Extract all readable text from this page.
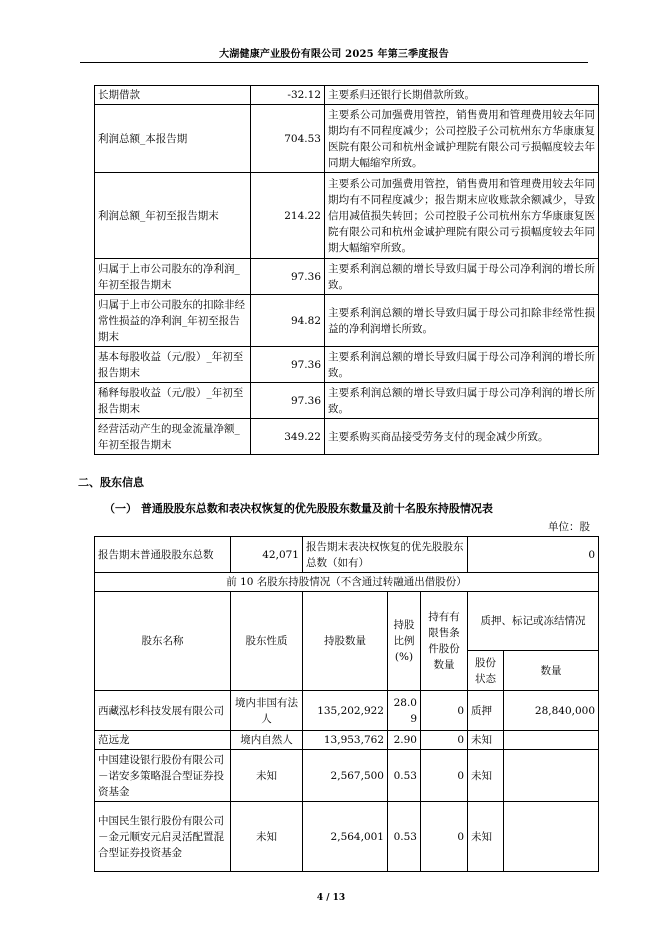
大湖健康产业股份有限公司 2025 年第三季度报告
长期借款	-32.12	主要系归还银行长期借款所致。
利润总额_本报告期	704.53	主要系公司加强费用管控，销售费用和管理费用较去年同期均有不同程度减少；公司控股子公司杭州东方华康康复医院有限公司和杭州金诚护理院有限公司亏损幅度较去年同期大幅缩窄所致。
利润总额_年初至报告期末	214.22	主要系公司加强费用管控，销售费用和管理费用较去年同期均有不同程度减少；报告期末应收账款余额减少，导致信用减值损失转回；公司控股子公司杭州东方华康康复医院有限公司和杭州金诚护理院有限公司亏损幅度较去年同期大幅缩窄所致。
归属于上市公司股东的净利润_年初至报告期末	97.36	主要系利润总额的增长导致归属于母公司净利润的增长所致。
归属于上市公司股东的扣除非经常性损益的净利润_年初至报告期末	94.82	主要系利润总额的增长导致归属于母公司扣除非经常性损益的净利润增长所致。
基本每股收益（元/股）_年初至报告期末	97.36	主要系利润总额的增长导致归属于母公司净利润的增长所致。
稀释每股收益（元/股）_年初至报告期末	97.36	主要系利润总额的增长导致归属于母公司净利润的增长所致。
经营活动产生的现金流量净额_年初至报告期末	349.22	主要系购买商品接受劳务支付的现金减少所致。
二、股东信息
（一） 普通股股东总数和表决权恢复的优先股股东数量及前十名股东持股情况表
单位：股
报告期末普通股股东总数	42,071	报告期末表决权恢复的优先股股东总数（如有）			0	
前 10 名股东持股情况（不含通过转融通出借股份）						
股东名称	股东性质	持股数量	持股比例(%)	持有有限售条件股份数量	质押、标记或冻结情况	
					股份状态	数量
西藏泓杉科技发展有限公司	境内非国有法人	135,202,922	28.09	0	质押	28,840,000
范远龙	境内自然人	13,953,762	2.90	0	未知	
中国建设银行股份有限公司－诺安多策略混合型证券投资基金	未知	2,567,500	0.53	0	未知	
中国民生银行股份有限公司－金元顺安元启灵活配置混合型证券投资基金	未知	2,564,001	0.53	0	未知	
4 / 13
